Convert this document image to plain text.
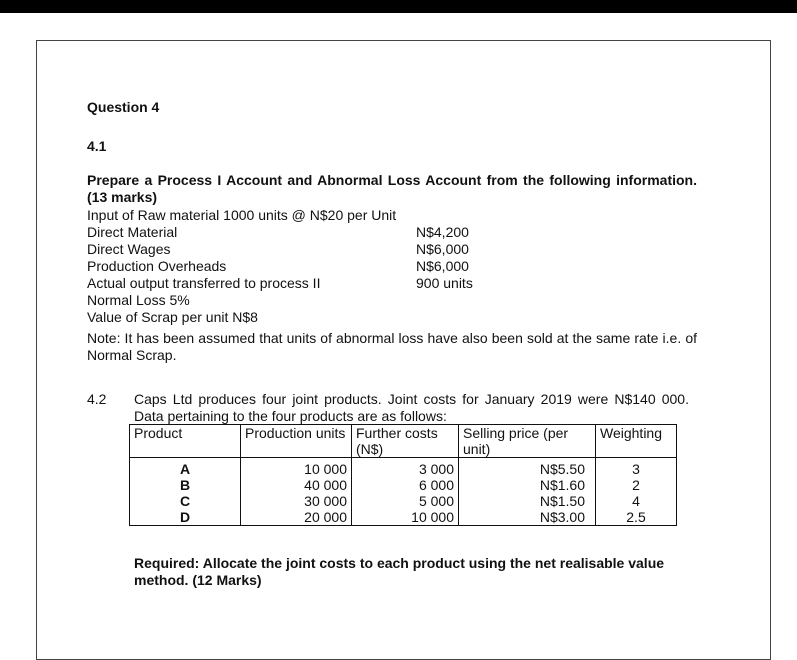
Question 4
4.1
Prepare a Process I Account and Abnormal Loss Account from the following information. (13 marks)
Input of Raw material 1000 units @ N$20 per Unit
Direct Material	N$4,200
Direct Wages	N$6,000
Production Overheads	N$6,000
Actual output transferred to process II	900 units
Normal Loss 5%
Value of Scrap per unit N$8
Note: It has been assumed that units of abnormal loss have also been sold at the same rate i.e. of Normal Scrap.
4.2 Caps Ltd produces four joint products. Joint costs for January 2019 were N$140 000. Data pertaining to the four products are as follows:
Product	Production units	Further costs (N$)	Selling price (per unit)	Weighting
A	10 000	3 000	N$5.50	3
B	40 000	6 000	N$1.60	2
C	30 000	5 000	N$1.50	4
D	20 000	10 000	N$3.00	2.5
Required: Allocate the joint costs to each product using the net realisable value method. (12 Marks)
